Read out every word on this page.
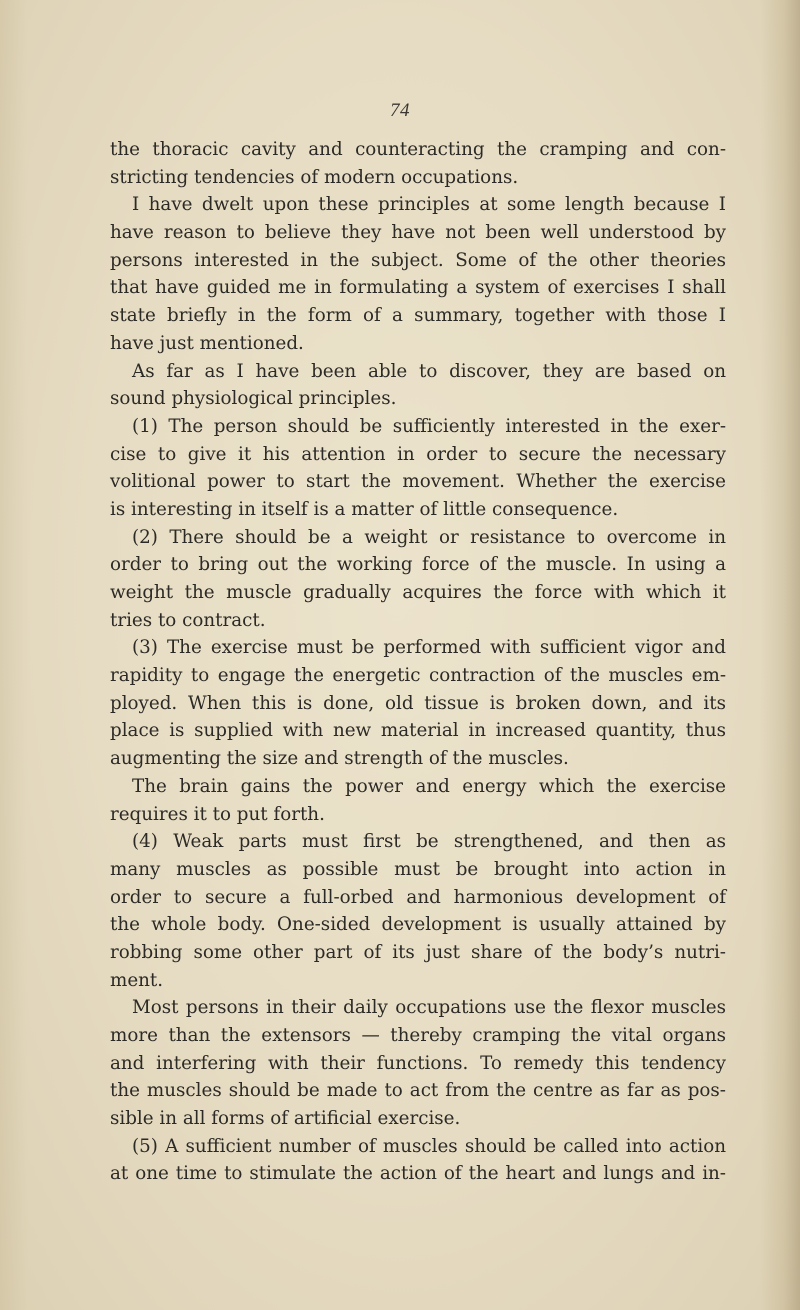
74
the thoracic cavity and counteracting the cramping and con-
stricting tendencies of modern occupations.
I have dwelt upon these principles at some length because I
have reason to believe they have not been well understood by
persons interested in the subject. Some of the other theories
that have guided me in formulating a system of exercises I shall
state briefly in the form of a summary, together with those I
have just mentioned.
As far as I have been able to discover, they are based on
sound physiological principles.
(1) The person should be sufficiently interested in the exer-
cise to give it his attention in order to secure the necessary
volitional power to start the movement. Whether the exercise
is interesting in itself is a matter of little consequence.
(2) There should be a weight or resistance to overcome in
order to bring out the working force of the muscle. In using a
weight the muscle gradually acquires the force with which it
tries to contract.
(3) The exercise must be performed with sufficient vigor and
rapidity to engage the energetic contraction of the muscles em-
ployed. When this is done, old tissue is broken down, and its
place is supplied with new material in increased quantity, thus
augmenting the size and strength of the muscles.
The brain gains the power and energy which the exercise
requires it to put forth.
(4) Weak parts must first be strengthened, and then as
many muscles as possible must be brought into action in
order to secure a full-orbed and harmonious development of
the whole body. One-sided development is usually attained by
robbing some other part of its just share of the body’s nutri-
ment.
Most persons in their daily occupations use the flexor muscles
more than the extensors — thereby cramping the vital organs
and interfering with their functions. To remedy this tendency
the muscles should be made to act from the centre as far as pos-
sible in all forms of artificial exercise.
(5) A sufficient number of muscles should be called into action
at one time to stimulate the action of the heart and lungs and in-
